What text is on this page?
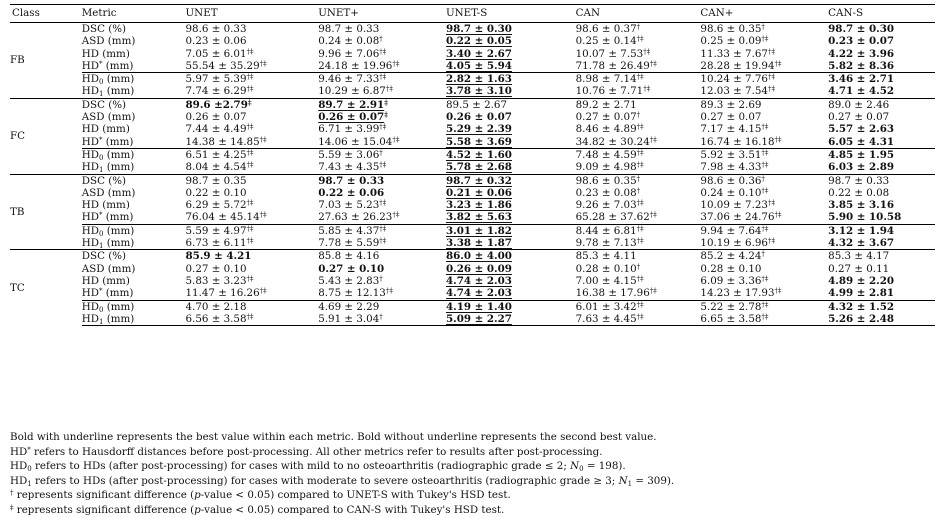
Class	Metric	UNET	UNET+	UNET-S	CAN	CAN+	CAN-S
FB	DSC (%)	98.6 ± 0.33	98.7 ± 0.33	98.7 ± 0.30	98.6 ± 0.37†	98.6 ± 0.35†	98.7 ± 0.30
	ASD (mm)	0.23 ± 0.06	0.24 ± 0.08†	0.22 ± 0.05	0.25 ± 0.14†‡	0.25 ± 0.09†‡	0.23 ± 0.07
	HD (mm)	7.05 ± 6.01†‡	9.96 ± 7.06†‡	3.40 ± 2.67	10.07 ± 7.53†‡	11.33 ± 7.67†‡	4.22 ± 3.96
	HD* (mm)	55.54 ± 35.29†‡	24.18 ± 19.96†‡	4.05 ± 5.94	71.78 ± 26.49†‡	28.28 ± 19.94†‡	5.82 ± 8.36
	$HD_0$ (mm)	5.97 ± 5.39†‡	9.46 ± 7.33†‡	2.82 ± 1.63	8.98 ± 7.14†‡	10.24 ± 7.76†‡	3.46 ± 2.71
	$HD_1$ (mm)	7.74 ± 6.29†‡	10.29 ± 6.87†‡	3.78 ± 3.10	10.76 ± 7.71†‡	12.03 ± 7.54†‡	4.71 ± 4.52
FC	DSC (%)	89.6 ±2.79‡	89.7 ± 2.91‡	89.5 ± 2.67	89.2 ± 2.71	89.3 ± 2.69	89.0 ± 2.46
	ASD (mm)	0.26 ± 0.07	0.26 ± 0.07‡	0.26 ± 0.07	0.27 ± 0.07†	0.27 ± 0.07	0.27 ± 0.07
	HD (mm)	7.44 ± 4.49†‡	6.71 ± 3.99†‡	5.29 ± 2.39	8.46 ± 4.89†‡	7.17 ± 4.15†‡	5.57 ± 2.63
	HD* (mm)	14.38 ± 14.85†‡	14.06 ± 15.04†‡	5.58 ± 3.69	34.82 ± 30.24†‡	16.74 ± 16.18†‡	6.05 ± 4.31
	$HD_0$ (mm)	6.51 ± 4.25†‡	5.59 ± 3.06†	4.52 ± 1.60	7.48 ± 4.59†‡	5.92 ± 3.51†‡	4.85 ± 1.95
	$HD_1$ (mm)	8.04 ± 4.54†‡	7.43 ± 4.35†‡	5.78 ± 2.68	9.09 ± 4.98†‡	7.98 ± 4.33†‡	6.03 ± 2.89
TB	DSC (%)	98.7 ± 0.35	98.7 ± 0.33	98.7 ± 0.32	98.6 ± 0.35†	98.6 ± 0.36†	98.7 ± 0.33
	ASD (mm)	0.22 ± 0.10	0.22 ± 0.06	0.21 ± 0.06	0.23 ± 0.08†	0.24 ± 0.10†‡	0.22 ± 0.08
	HD (mm)	6.29 ± 5.72†‡	7.03 ± 5.23†‡	3.23 ± 1.86	9.26 ± 7.03†‡	10.09 ± 7.23†‡	3.85 ± 3.16
	HD* (mm)	76.04 ± 45.14†‡	27.63 ± 26.23†‡	3.82 ± 5.63	65.28 ± 37.62†‡	37.06 ± 24.76†‡	5.90 ± 10.58
	$HD_0$ (mm)	5.59 ± 4.97†‡	5.85 ± 4.37†‡	3.01 ± 1.82	8.44 ± 6.81†‡	9.94 ± 7.64†‡	3.12 ± 1.94
	$HD_1$ (mm)	6.73 ± 6.11†‡	7.78 ± 5.59†‡	3.38 ± 1.87	9.78 ± 7.13†‡	10.19 ± 6.96†‡	4.32 ± 3.67
TC	DSC (%)	85.9 ± 4.21	85.8 ± 4.16	86.0 ± 4.00	85.3 ± 4.11	85.2 ± 4.24†	85.3 ± 4.17
	ASD (mm)	0.27 ± 0.10	0.27 ± 0.10	0.26 ± 0.09	0.28 ± 0.10†	0.28 ± 0.10	0.27 ± 0.11
	HD (mm)	5.83 ± 3.23†‡	5.43 ± 2.83†	4.74 ± 2.03	7.00 ± 4.15†‡	6.09 ± 3.36†‡	4.89 ± 2.20
	HD* (mm)	11.47 ± 16.26†‡	8.75 ± 12.13†‡	4.74 ± 2.03	16.38 ± 17.96†‡	14.23 ± 17.93†‡	4.99 ± 2.81
	$HD_0$ (mm)	4.70 ± 2.18	4.69 ± 2.29	4.19 ± 1.40	6.01 ± 3.42†‡	5.22 ± 2.78†‡	4.32 ± 1.52
	$HD_1$ (mm)	6.56 ± 3.58†‡	5.91 ± 3.04†	5.09 ± 2.27	7.63 ± 4.45†‡	6.65 ± 3.58†‡	5.26 ± 2.48
Bold with underline represents the best value within each metric. Bold without underline represents the second best value.
HD* refers to Hausdorff distances before post-processing. All other metrics refer to results after post-processing.
$HD_0$ refers to HDs (after post-processing) for cases with mild to no osteoarthritis (radiographic grade ≤ 2; $N_0 = 198$).
$HD_1$ refers to HDs (after post-processing) for cases with moderate to severe osteoarthritis (radiographic grade ≥ 3; $N_1 = 309$).
† represents significant difference (p-value < 0.05) compared to UNET-S with Tukey's HSD test.
‡ represents significant difference (p-value < 0.05) compared to CAN-S with Tukey's HSD test.
